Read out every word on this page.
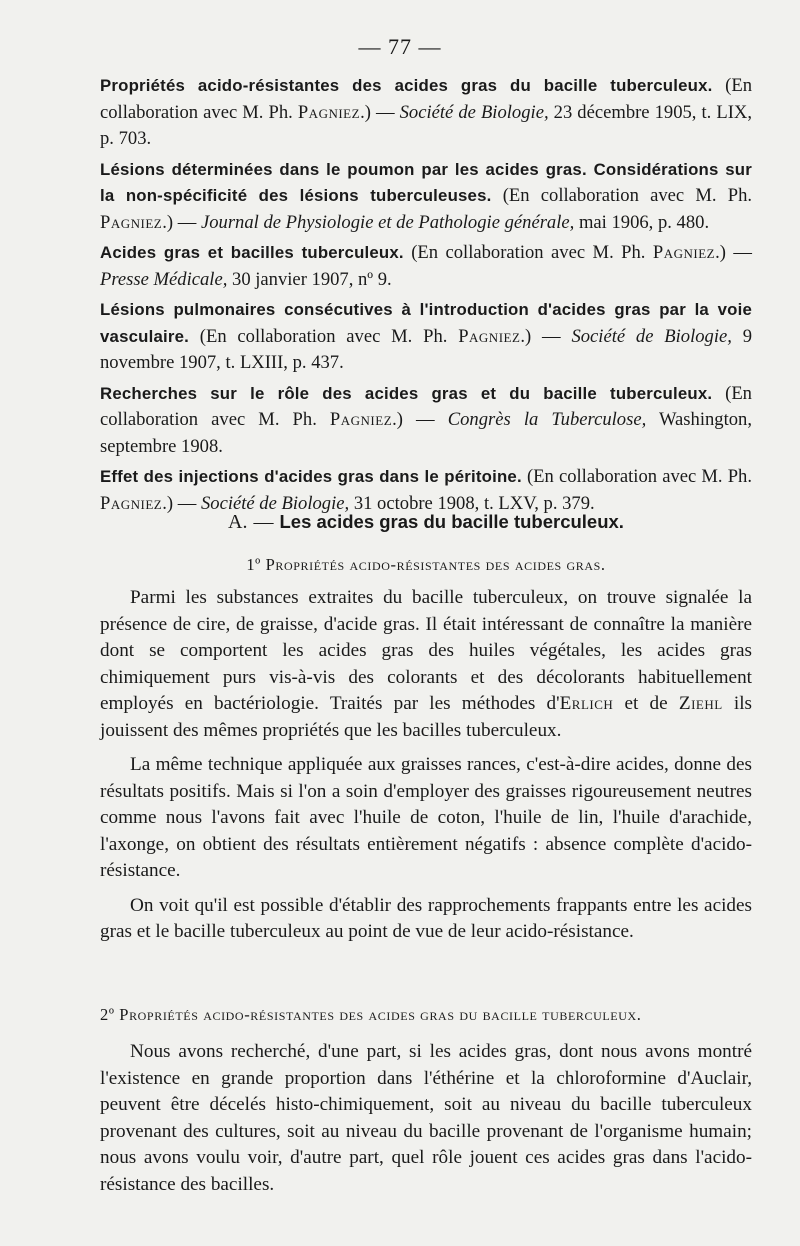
— 77 —

Propriétés acido-résistantes des acides gras du bacille tuberculeux. (En collaboration avec M. Ph. Pagniez.) — Société de Biologie, 23 décembre 1905, t. LIX, p. 703.

Lésions déterminées dans le poumon par les acides gras. Considérations sur la non-spécificité des lésions tuberculeuses. (En collaboration avec M. Ph. Pagniez.) — Journal de Physiologie et de Pathologie générale, mai 1906, p. 480.

Acides gras et bacilles tuberculeux. (En collaboration avec M. Ph. Pagniez.) — Presse Médicale, 30 janvier 1907, nº 9.

Lésions pulmonaires consécutives à l'introduction d'acides gras par la voie vasculaire. (En collaboration avec M. Ph. Pagniez.) — Société de Biologie, 9 novembre 1907, t. LXIII, p. 437.

Recherches sur le rôle des acides gras et du bacille tuberculeux. (En collaboration avec M. Ph. Pagniez.) — Congrès la Tuberculose, Washington, septembre 1908.

Effet des injections d'acides gras dans le péritoine. (En collaboration avec M. Ph. Pagniez.) — Société de Biologie, 31 octobre 1908, t. LXV, p. 379.

A. — Les acides gras du bacille tuberculeux.
1º Propriétés acido-résistantes des acides gras.

Parmi les substances extraites du bacille tuberculeux, on trouve signalée la présence de cire, de graisse, d'acide gras. Il était intéressant de connaître la manière dont se comportent les acides gras des huiles végétales, les acides gras chimiquement purs vis-à-vis des colorants et des décolorants habituellement employés en bactériologie. Traités par les méthodes d'Erlich et de Ziehl ils jouissent des mêmes propriétés que les bacilles tuberculeux.

La même technique appliquée aux graisses rances, c'est-à-dire acides, donne des résultats positifs. Mais si l'on a soin d'employer des graisses rigoureusement neutres comme nous l'avons fait avec l'huile de coton, l'huile de lin, l'huile d'arachide, l'axonge, on obtient des résultats entièrement négatifs : absence complète d'acido-résistance.

On voit qu'il est possible d'établir des rapprochements frappants entre les acides gras et le bacille tuberculeux au point de vue de leur acido-résistance.

2º Propriétés acido-résistantes des acides gras du bacille tuberculeux.

Nous avons recherché, d'une part, si les acides gras, dont nous avons montré l'existence en grande proportion dans l'éthérine et la chloroformine d'Auclair, peuvent être décelés histo-chimiquement, soit au niveau du bacille tuberculeux provenant des cultures, soit au niveau du bacille provenant de l'organisme humain; nous avons voulu voir, d'autre part, quel rôle jouent ces acides gras dans l'acido-résistance des bacilles.
